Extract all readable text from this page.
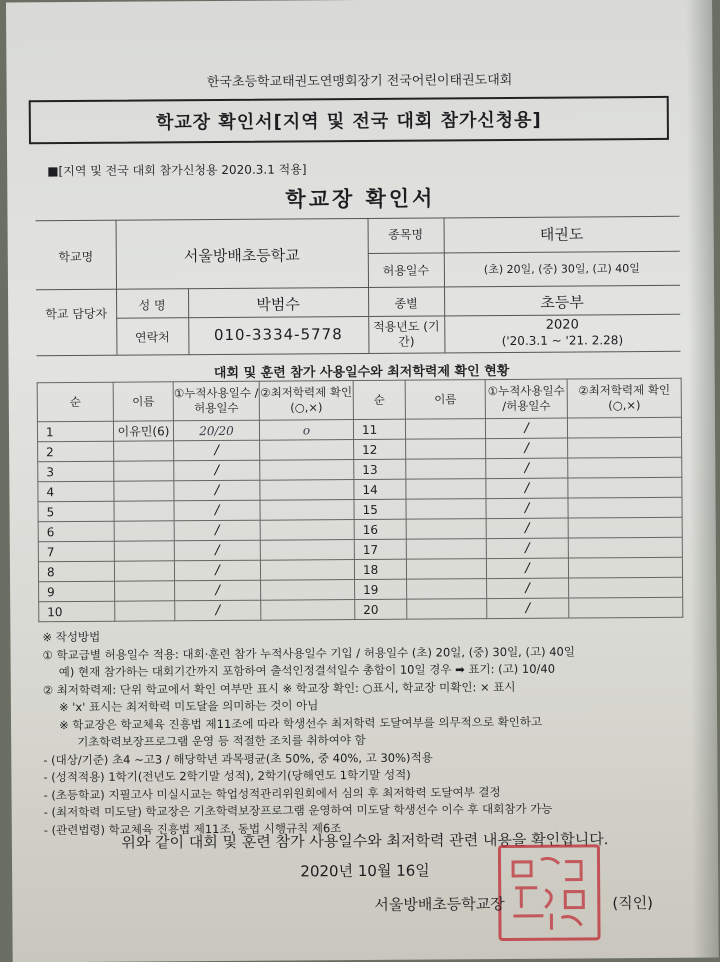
한국초등학교태권도연맹회장기 전국어린이태권도대회
학교장 확인서[지역 및 전국 대회 참가신청용]
■[지역 및 전국 대회 참가신청용 2020.3.1 적용]
학교장 확인서
학교명	서울방배초등학교
종목명	태권도
허용일수	(초) 20일, (중) 30일, (고) 40일
학교 담당자
성 명	박범수
연락처	010-3334-5778
종별	초등부
적용년도 (기간)
2020
('20.3.1 ~ '21. 2.28)
대회 및 훈련 참가 사용일수와 최저학력제 확인 현황
순	이름	①누적사용일수 /허용일수	②최저학력제 확인(○,×)	순	이름	①누적사용일수 /허용일수	②최저학력제 확인(○,×)
1	이유민(6)	20/20	o	11		/	
2		/		12		/	
3		/		13		/	
4		/		14		/	
5		/		15		/	
6		/		16		/	
7		/		17		/	
8		/		18		/	
9		/		19		/	
10		/		20		/	
※ 작성방법
① 학교급별 허용일수 적용: 대회·훈련 참가 누적사용일수 기입 / 허용일수 (초) 20일, (중) 30일, (고) 40일
예) 현재 참가하는 대회기간까지 포함하여 출석인정결석일수 총합이 10일 경우 ➡ 표기: (고) 10/40
② 최저학력제: 단위 학교에서 확인 여부만 표시 ※ 학교장 확인: ○표시, 학교장 미확인: × 표시
※ 'x' 표시는 최저학력 미도달을 의미하는 것이 아님
※ 학교장은 학교체육 진흥법 제11조에 따라 학생선수 최저학력 도달여부를 의무적으로 확인하고
기초학력보장프로그램 운영 등 적절한 조치를 취하여야 함
- (대상/기준) 초4 ~고3 / 해당학년 과목평균(초 50%, 중 40%, 고 30%)적용
- (성적적용) 1학기(전년도 2학기말 성적), 2학기(당해연도 1학기말 성적)
- (초등학교) 지필고사 미실시교는 학업성적관리위원회에서 심의 후 최저학력 도달여부 결정
- (최저학력 미도달) 학교장은 기초학력보장프로그램 운영하여 미도달 학생선수 이수 후 대회참가 가능
- (관련법령) 학교체육 진흥법 제11조, 동법 시행규칙 제6조
위와 같이 대회 및 훈련 참가 사용일수와 최저학력 관련 내용을 확인합니다.
2020년 10월 16일
서울방배초등학교장	(직인)
